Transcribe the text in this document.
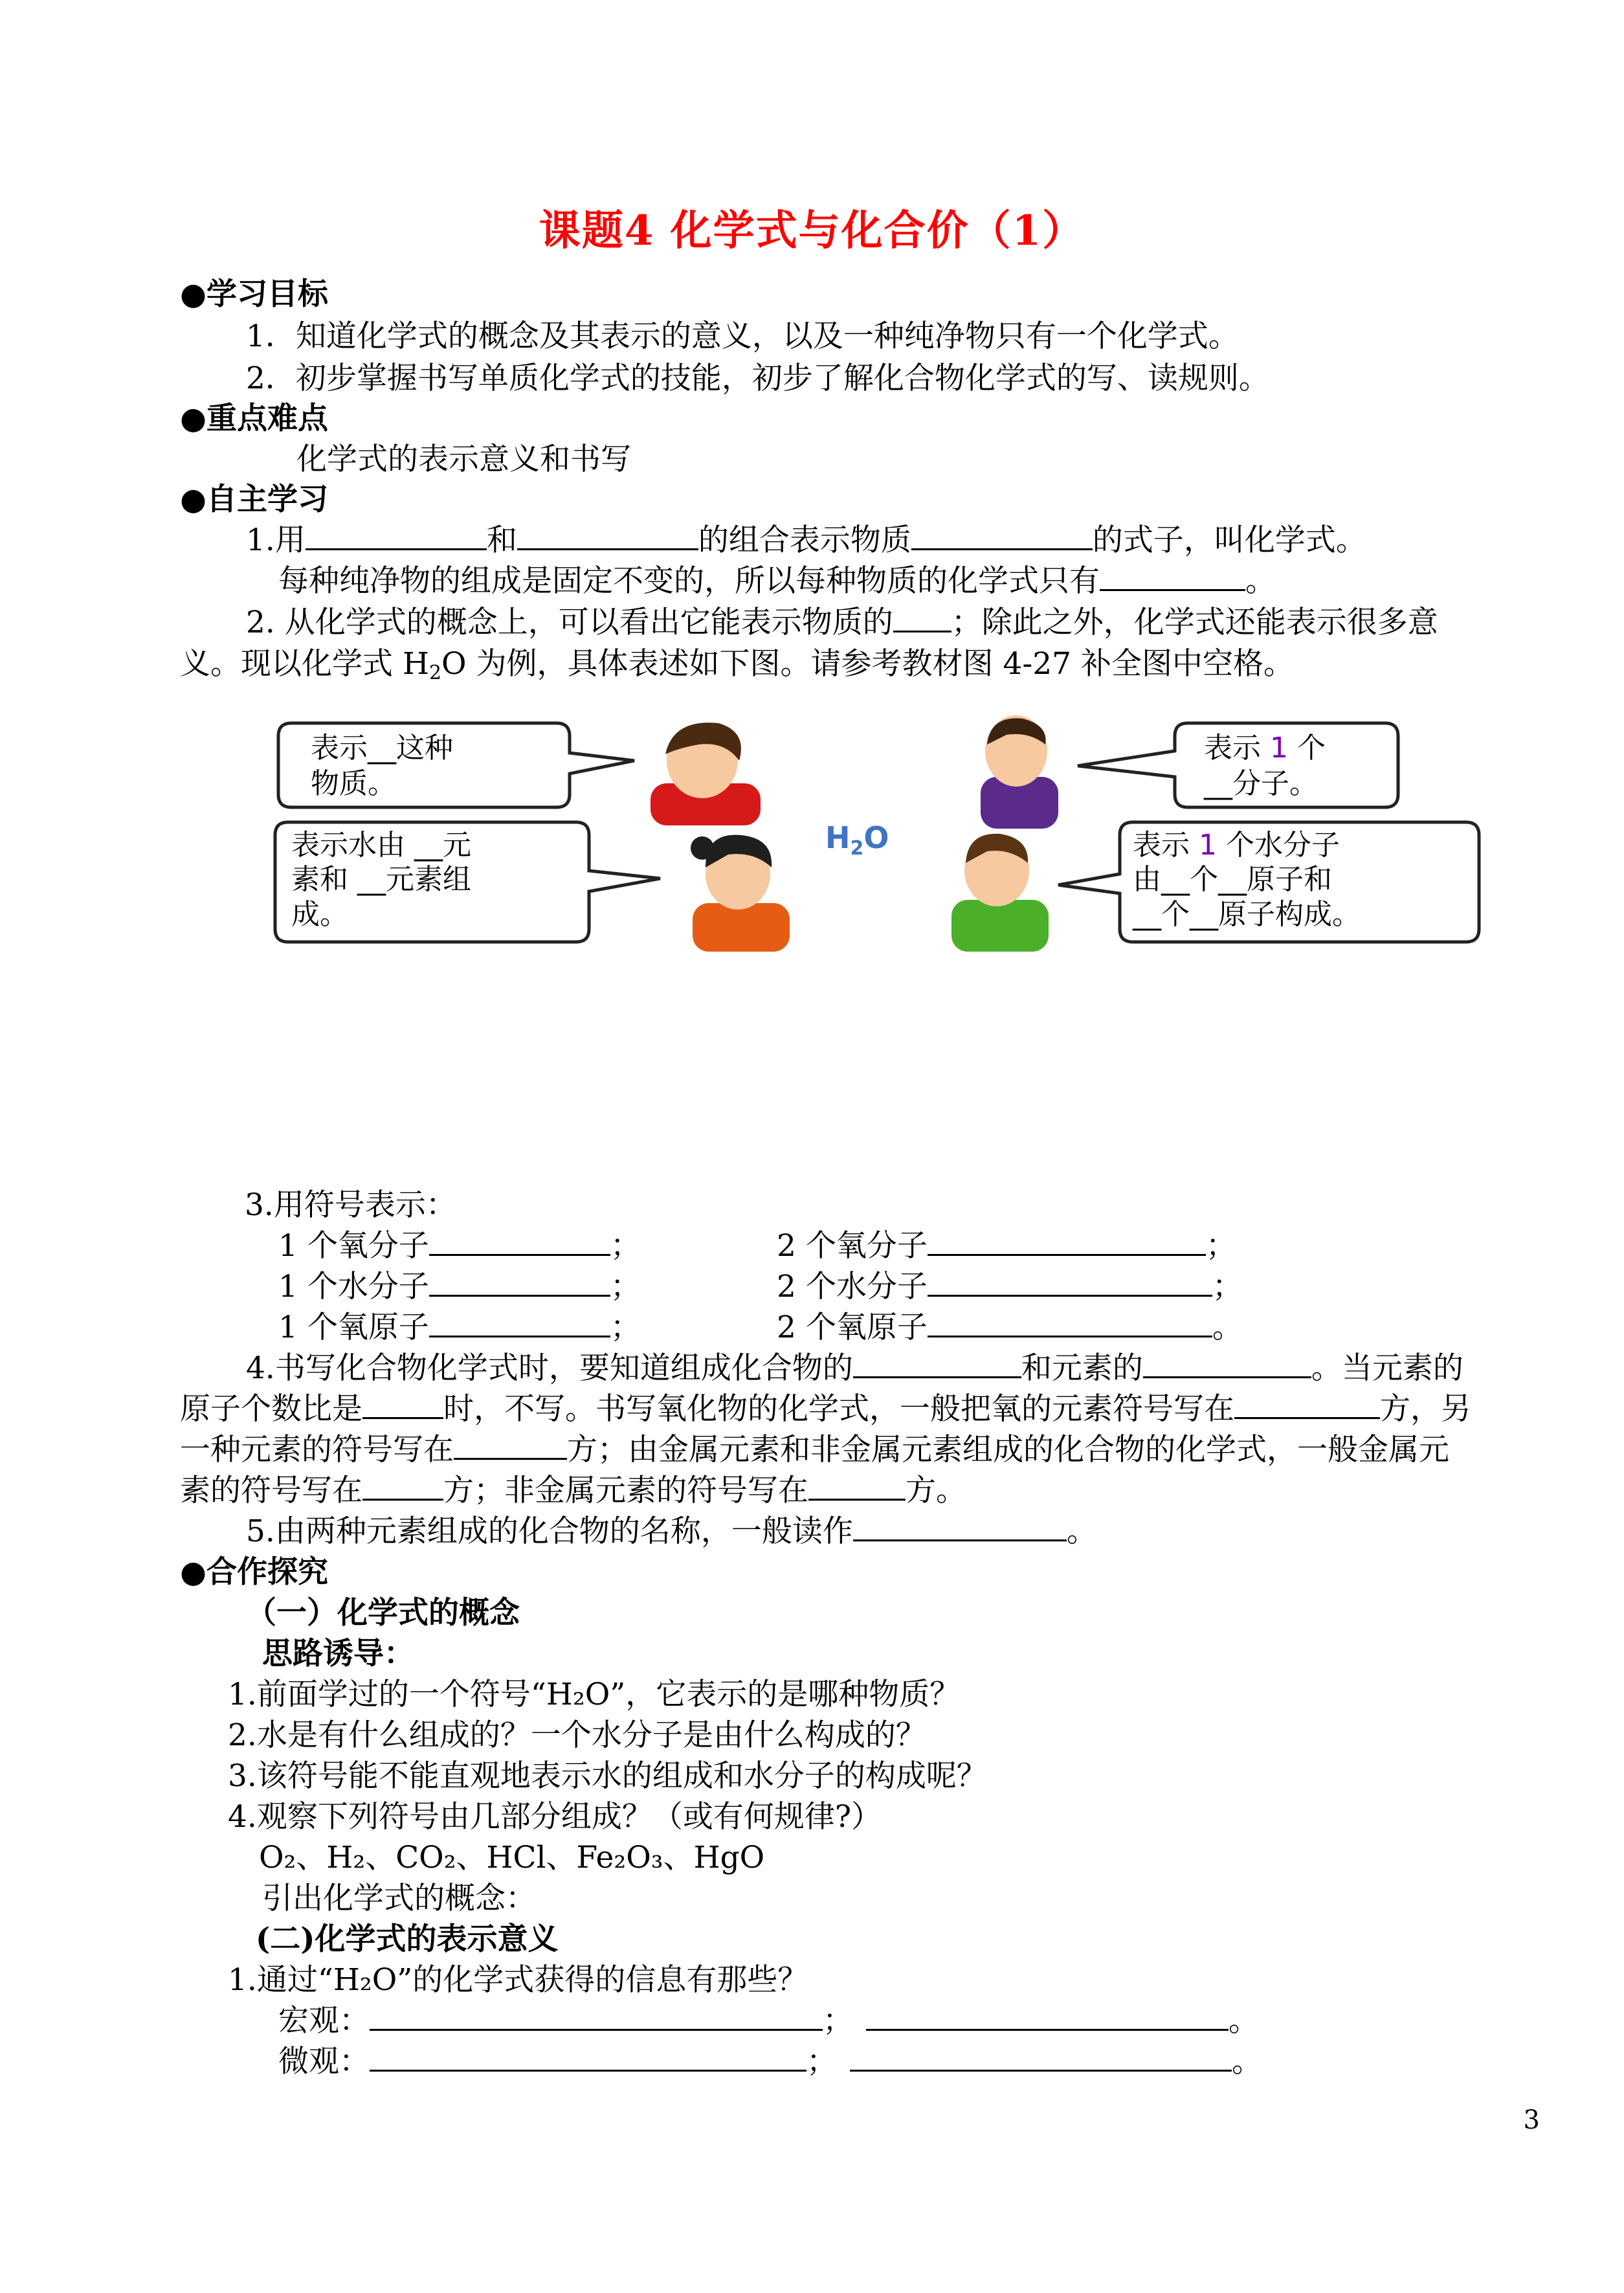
课题4 化学式与化合价（1）
●学习目标
1．知道化学式的概念及其表示的意义，以及一种纯净物只有一个化学式。
2．初步掌握书写单质化学式的技能，初步了解化合物化学式的写、读规则。
●重点难点
化学式的表示意义和书写
●自主学习
1.用	和	的组合表示物质	的式子，叫化学式。
每种纯净物的组成是固定不变的，所以每种物质的化学式只有	。
2. 从化学式的概念上，可以看出它能表示物质的 ；除此之外，化学式还能表示很多意
义。现以化学式 $H_2O$ 为例，具体表述如下图。请参考教材图 4-27 补全图中空格。
表示__这种
物质。
表示 1 个
__分子。
表示水由 __元
素和 __元素组
成。
表示 1 个水分子
由__个__原子和
__个__原子构成。
$H_2O$
3.用符号表示：
1 个氧分子	；	2 个氧分子	；
1 个水分子	；	2 个水分子	；
1 个氧原子	；	2 个氧原子	。
4.书写化合物化学式时，要知道组成化合物的	和元素的	。当元素的
原子个数比是	时，不写。书写氧化物的化学式，一般把氧的元素符号写在	方，另
一种元素的符号写在	方；由金属元素和非金属元素组成的化合物的化学式，一般金属元
素的符号写在	方；非金属元素的符号写在	方。
5.由两种元素组成的化合物的名称，一般读作	。
●合作探究
（一）化学式的概念
思路诱导：
1.前面学过的一个符号“H₂O”，它表示的是哪种物质？
2.水是有什么组成的？一个水分子是由什么构成的？
3.该符号能不能直观地表示水的组成和水分子的构成呢？
4.观察下列符号由几部分组成？（或有何规律?）
O₂、H₂、CO₂、HCl、Fe₂O₃、HgO
引出化学式的概念：
(二)化学式的表示意义
1.通过“H₂O”的化学式获得的信息有那些？
宏观：	；	。
微观：	；	。
3
